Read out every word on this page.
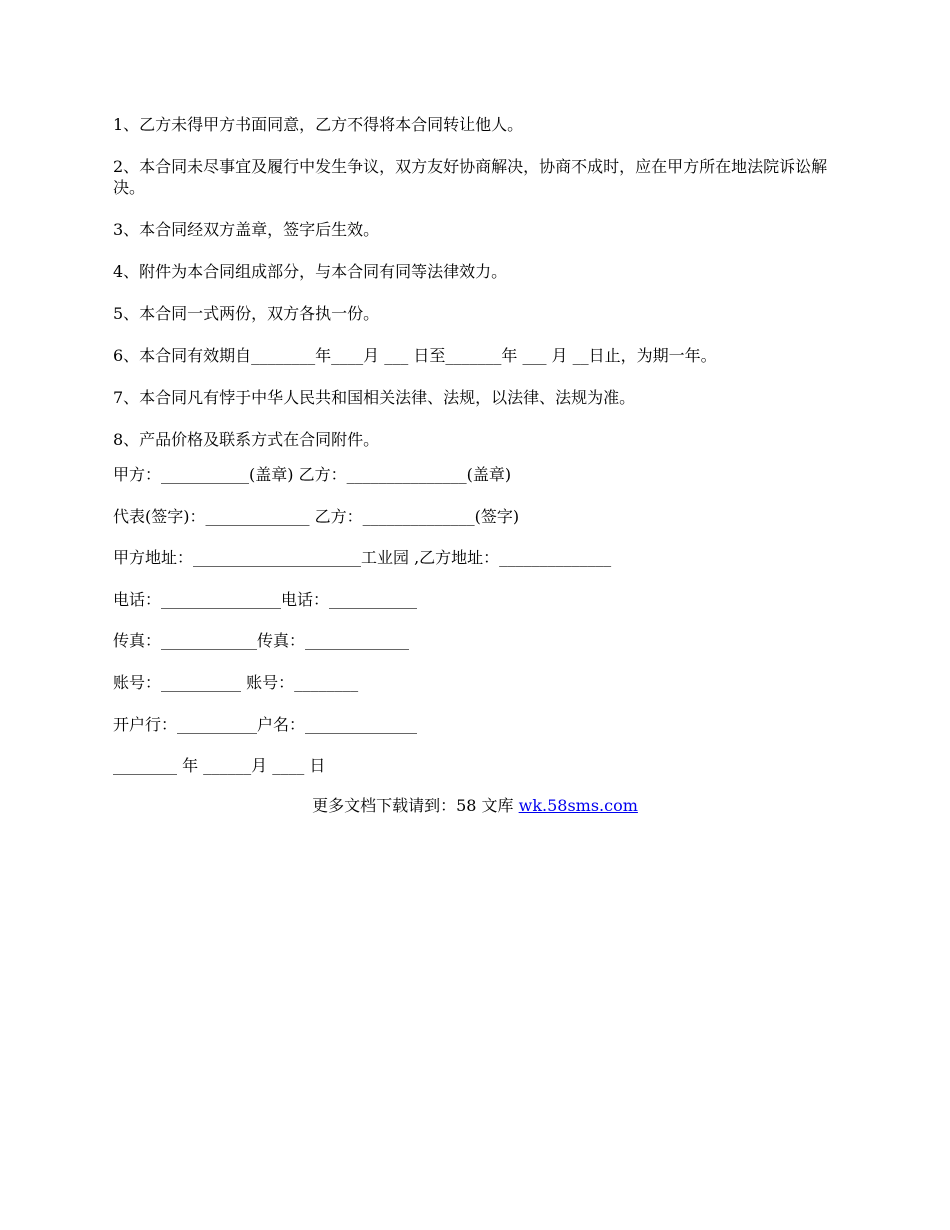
1、乙方未得甲方书面同意，乙方不得将本合同转让他人。

2、本合同未尽事宜及履行中发生争议，双方友好协商解决，协商不成时，应在甲方所在地法院诉讼解决。

3、本合同经双方盖章，签字后生效。

4、附件为本合同组成部分，与本合同有同等法律效力。

5、本合同一式两份，双方各执一份。

6、本合同有效期自________年____月 ___ 日至_______年 ___ 月 __日止，为期一年。

7、本合同凡有悖于中华人民共和国相关法律、法规，以法律、法规为准。

8、产品价格及联系方式在合同附件。

甲方：___________(盖章) 乙方：_______________(盖章)

代表(签字)：_____________ 乙方：______________(签字)

甲方地址：_____________________工业园 ,乙方地址：______________

电话：_______________电话：___________

传真：____________传真：_____________

账号：__________ 账号：________

开户行：__________户名：______________

________ 年 ______月 ____ 日

更多文档下载请到：58 文库 wk.58sms.com
